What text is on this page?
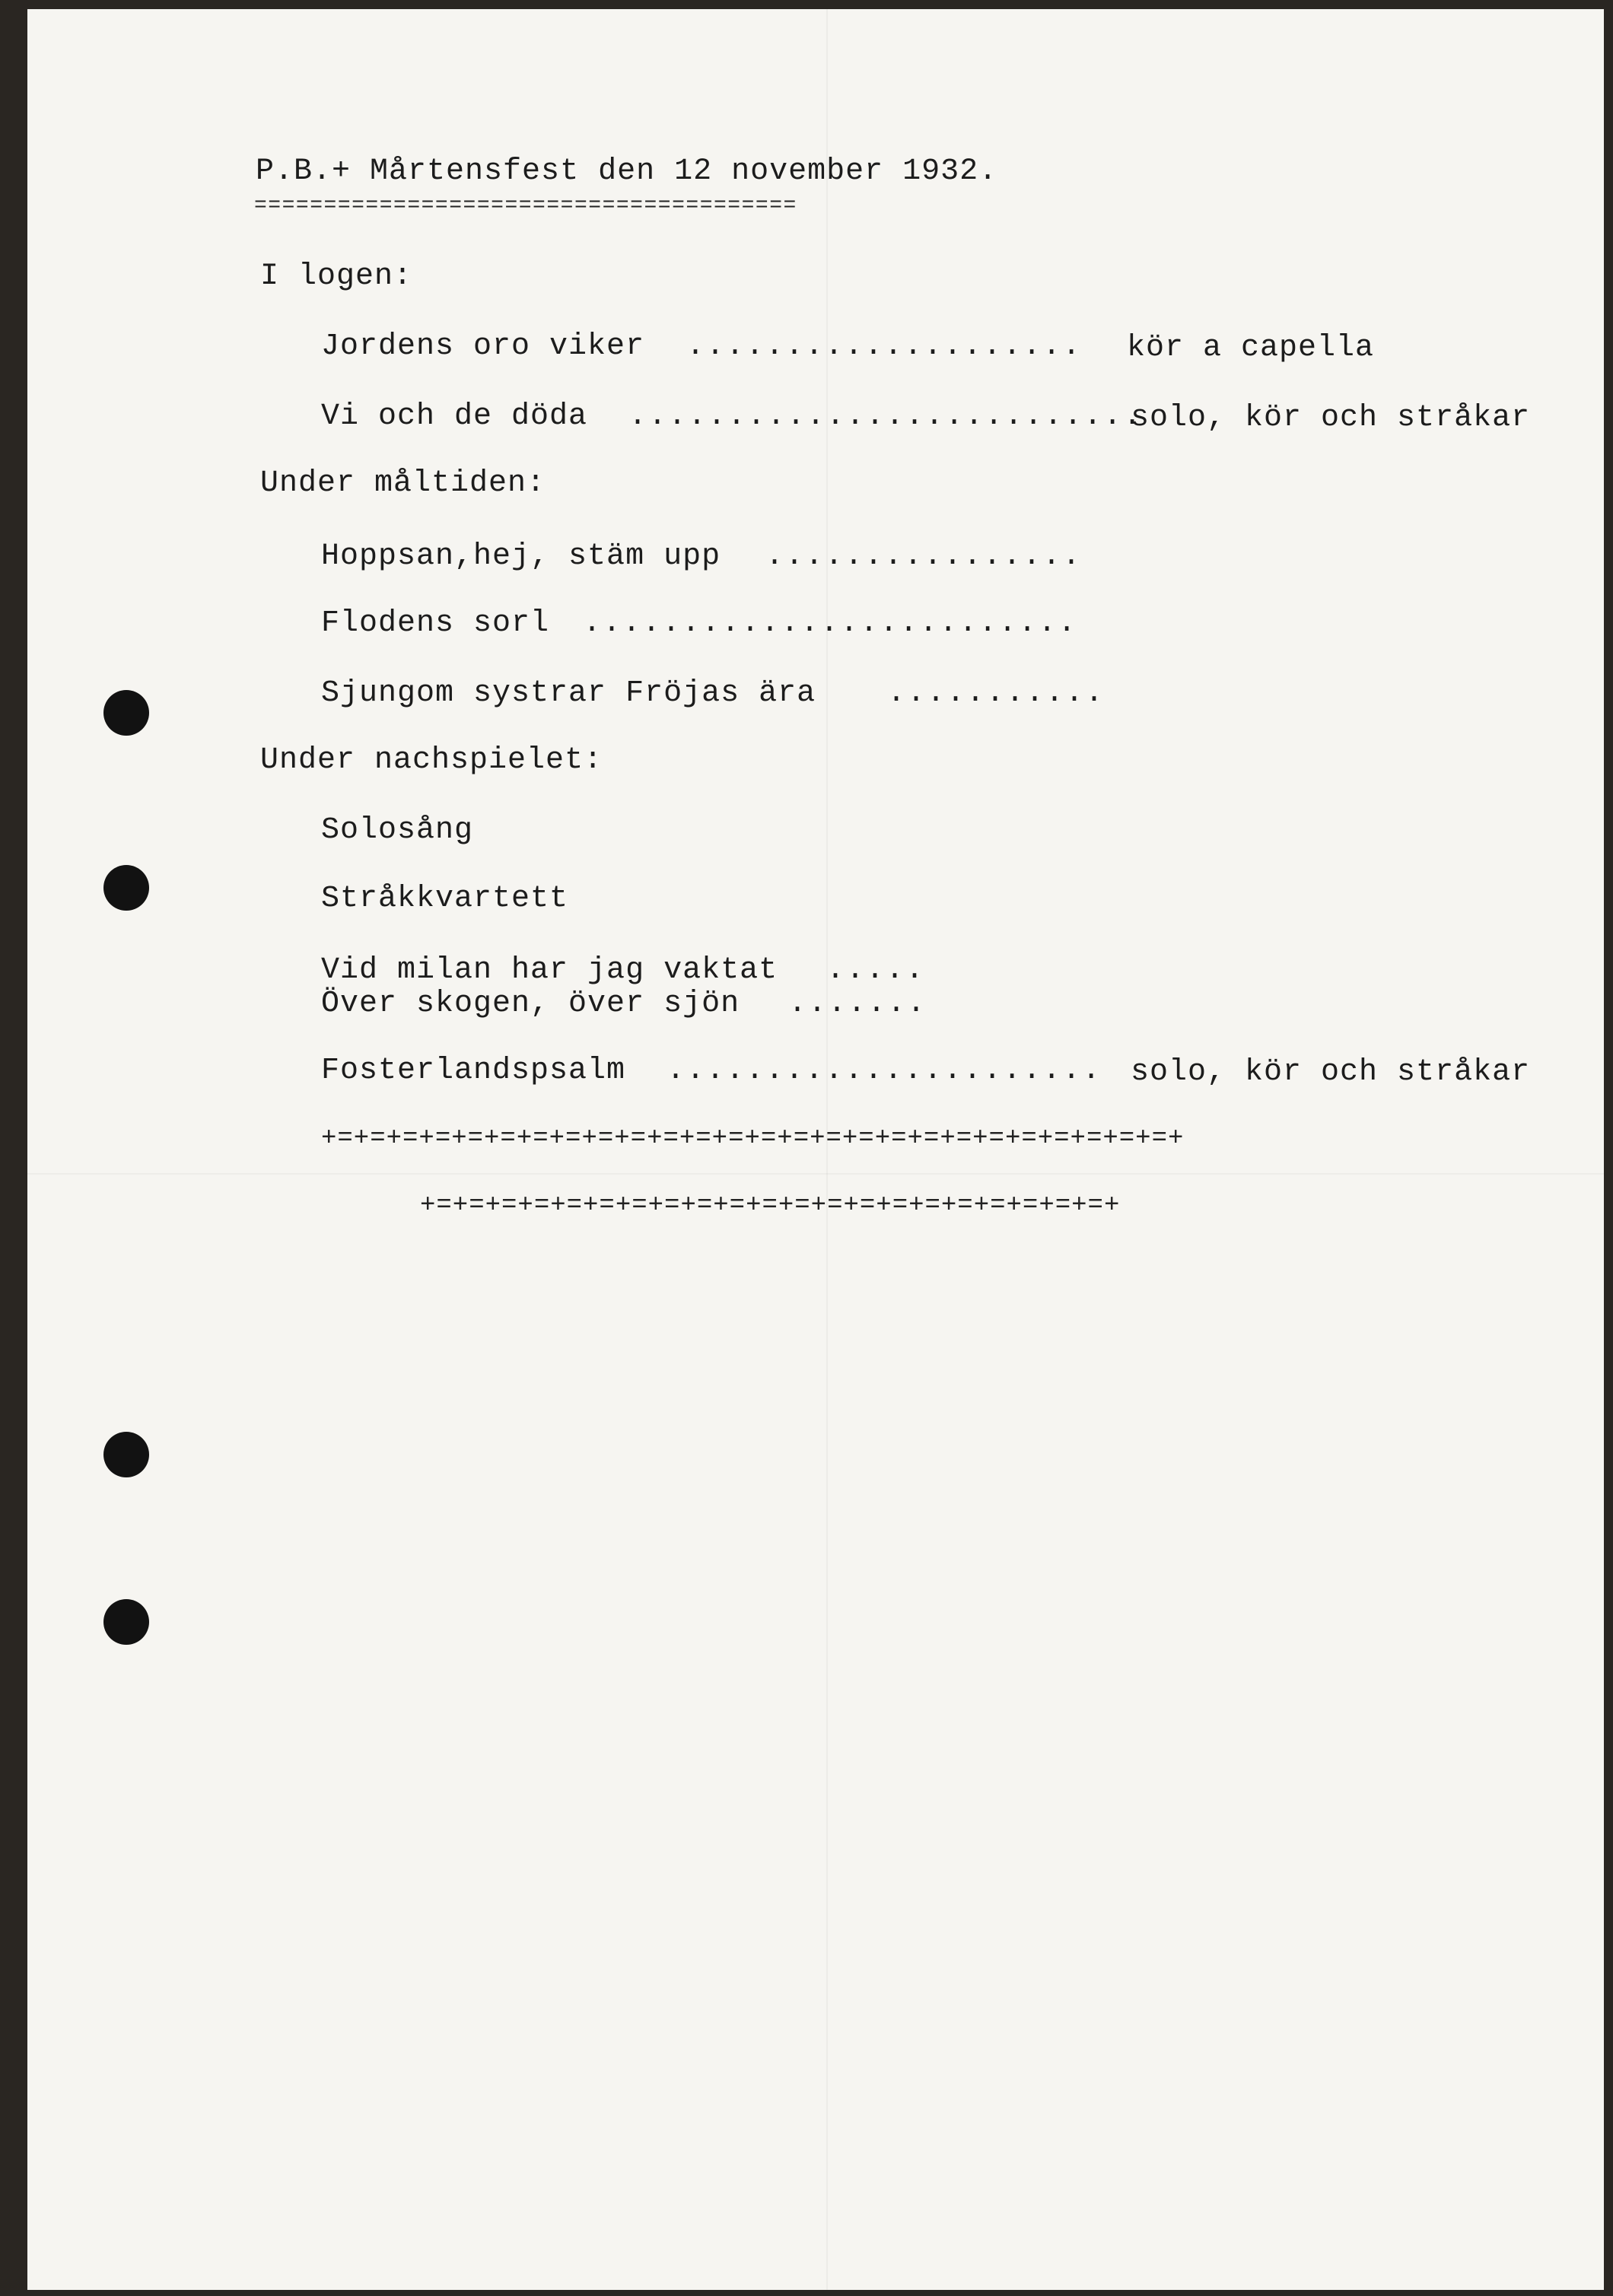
P.B.+ Mårtensfest den 12 november 1932.
=======================================
I logen:
Jordens oro viker .................... kör a capella
Vi och de döda ..........................
solo, kör och stråkar
Under måltiden:
Hoppsan,hej, stäm upp ................
Flodens sorl .........................
Sjungom systrar Fröjas ära ...........
Under nachspielet:
Solosång
Stråkkvartett
Vid milan har jag vaktat .....
Över skogen, över sjön .......
Fosterlandspsalm ...................... solo, kör och stråkar
+=+=+=+=+=+=+=+=+=+=+=+=+=+=+=+=+=+=+=+=+=+=+=+=+=+=+
+=+=+=+=+=+=+=+=+=+=+=+=+=+=+=+=+=+=+=+=+=+
